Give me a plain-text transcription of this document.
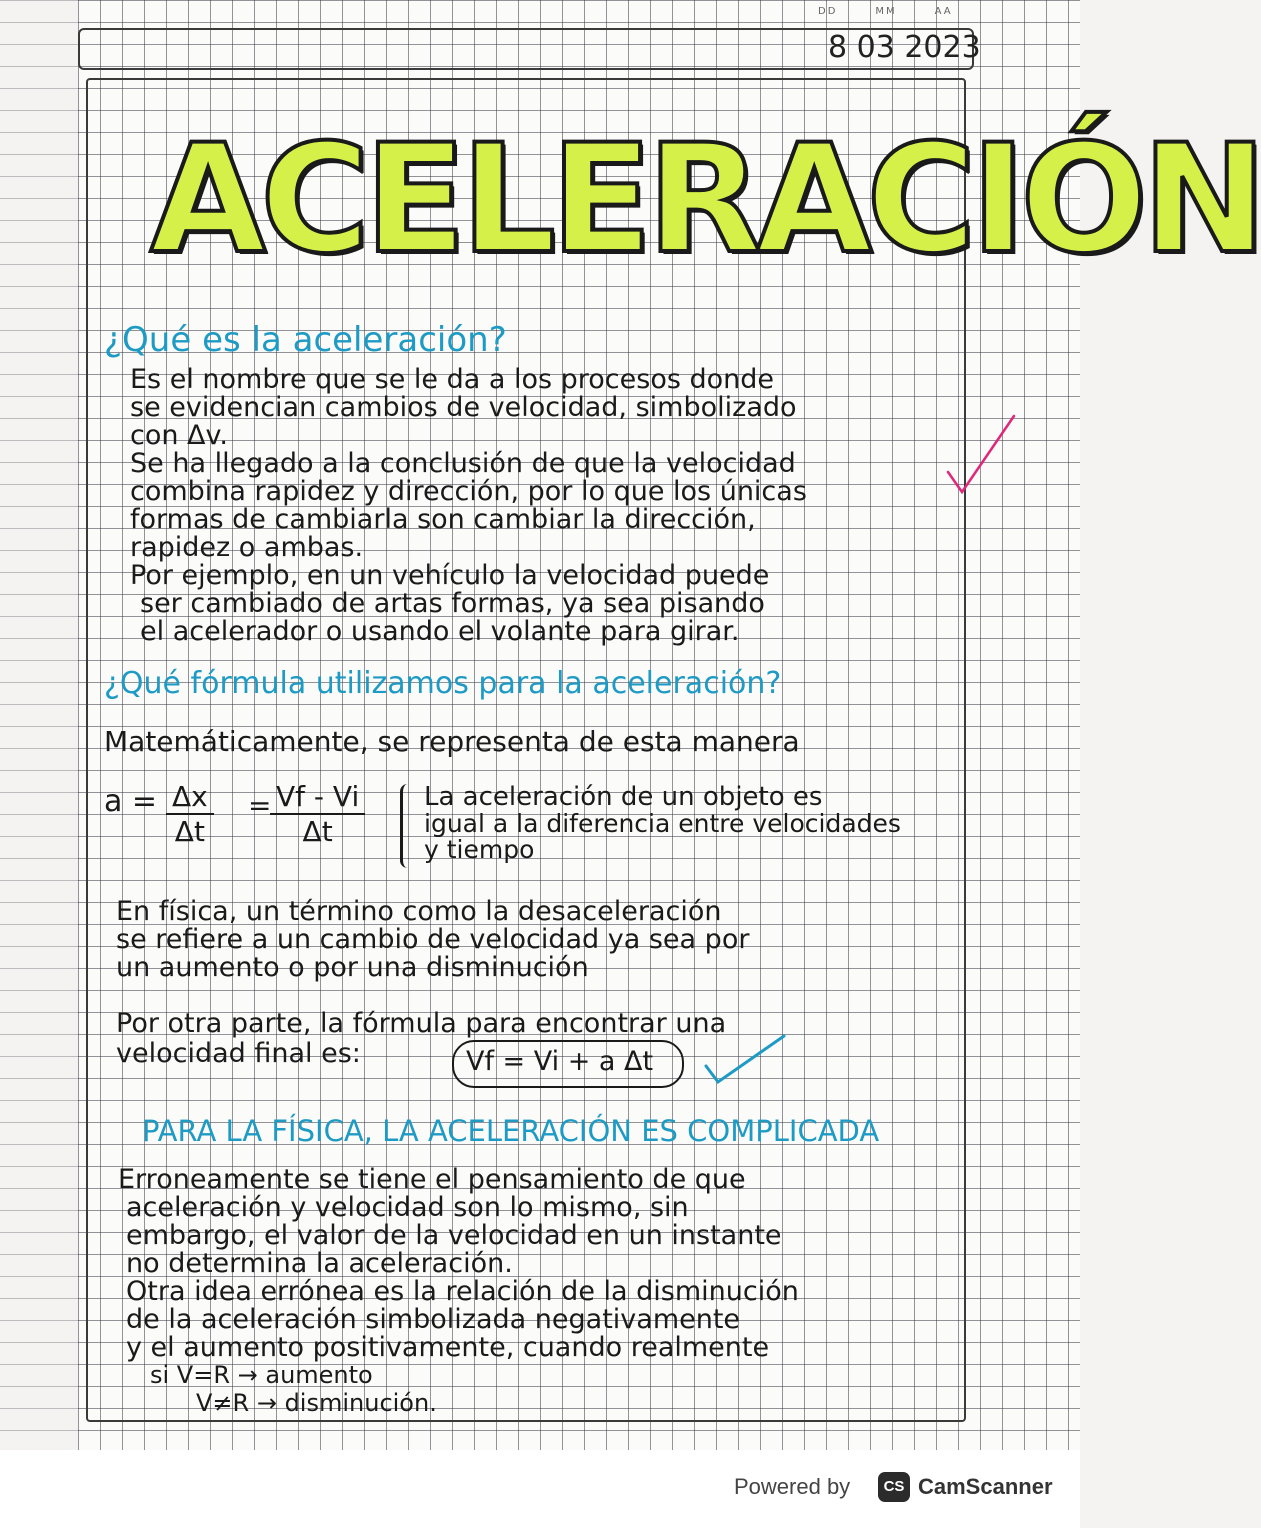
DD	MM	AA
8 03 2023
ACELERACIÓN
¿Qué es la aceleración?
Es el nombre que se le da a los procesos donde
se evidencian cambios de velocidad, simbolizado
con Δv.
Se ha llegado a la conclusión de que la velocidad
combina rapidez y dirección, por lo que los únicas
formas de cambiarla son cambiar la dirección,
rapidez o ambas.
Por ejemplo, en un vehículo la velocidad puede
ser cambiado de artas formas, ya sea pisando
el acelerador o usando el volante para girar.
¿Qué fórmula utilizamos para la aceleración?
Matemáticamente, se representa de esta manera
$a = \frac{\Delta x}{\Delta t}$ =
$\frac{Vf - Vi}{\Delta t}$ La aceleración de un objeto es
igual a la diferencia entre velocidades
y tiempo
En física, un término como la desaceleración
se refiere a un cambio de velocidad ya sea por
un aumento o por una disminución
Por otra parte, la fórmula para encontrar una
velocidad final es:	Vf = Vi + a Δt
PARA LA FÍSICA, LA ACELERACIÓN ES COMPLICADA
Erroneamente se tiene el pensamiento de que
aceleración y velocidad son lo mismo, sin
embargo, el valor de la velocidad en un instante
no determina la aceleración.
Otra idea errónea es la relación de la disminución
de la aceleración simbolizada negativamente
y el aumento positivamente, cuando realmente
si V=R → aumento
V≠R → disminución.
Powered by	CS CamScanner
